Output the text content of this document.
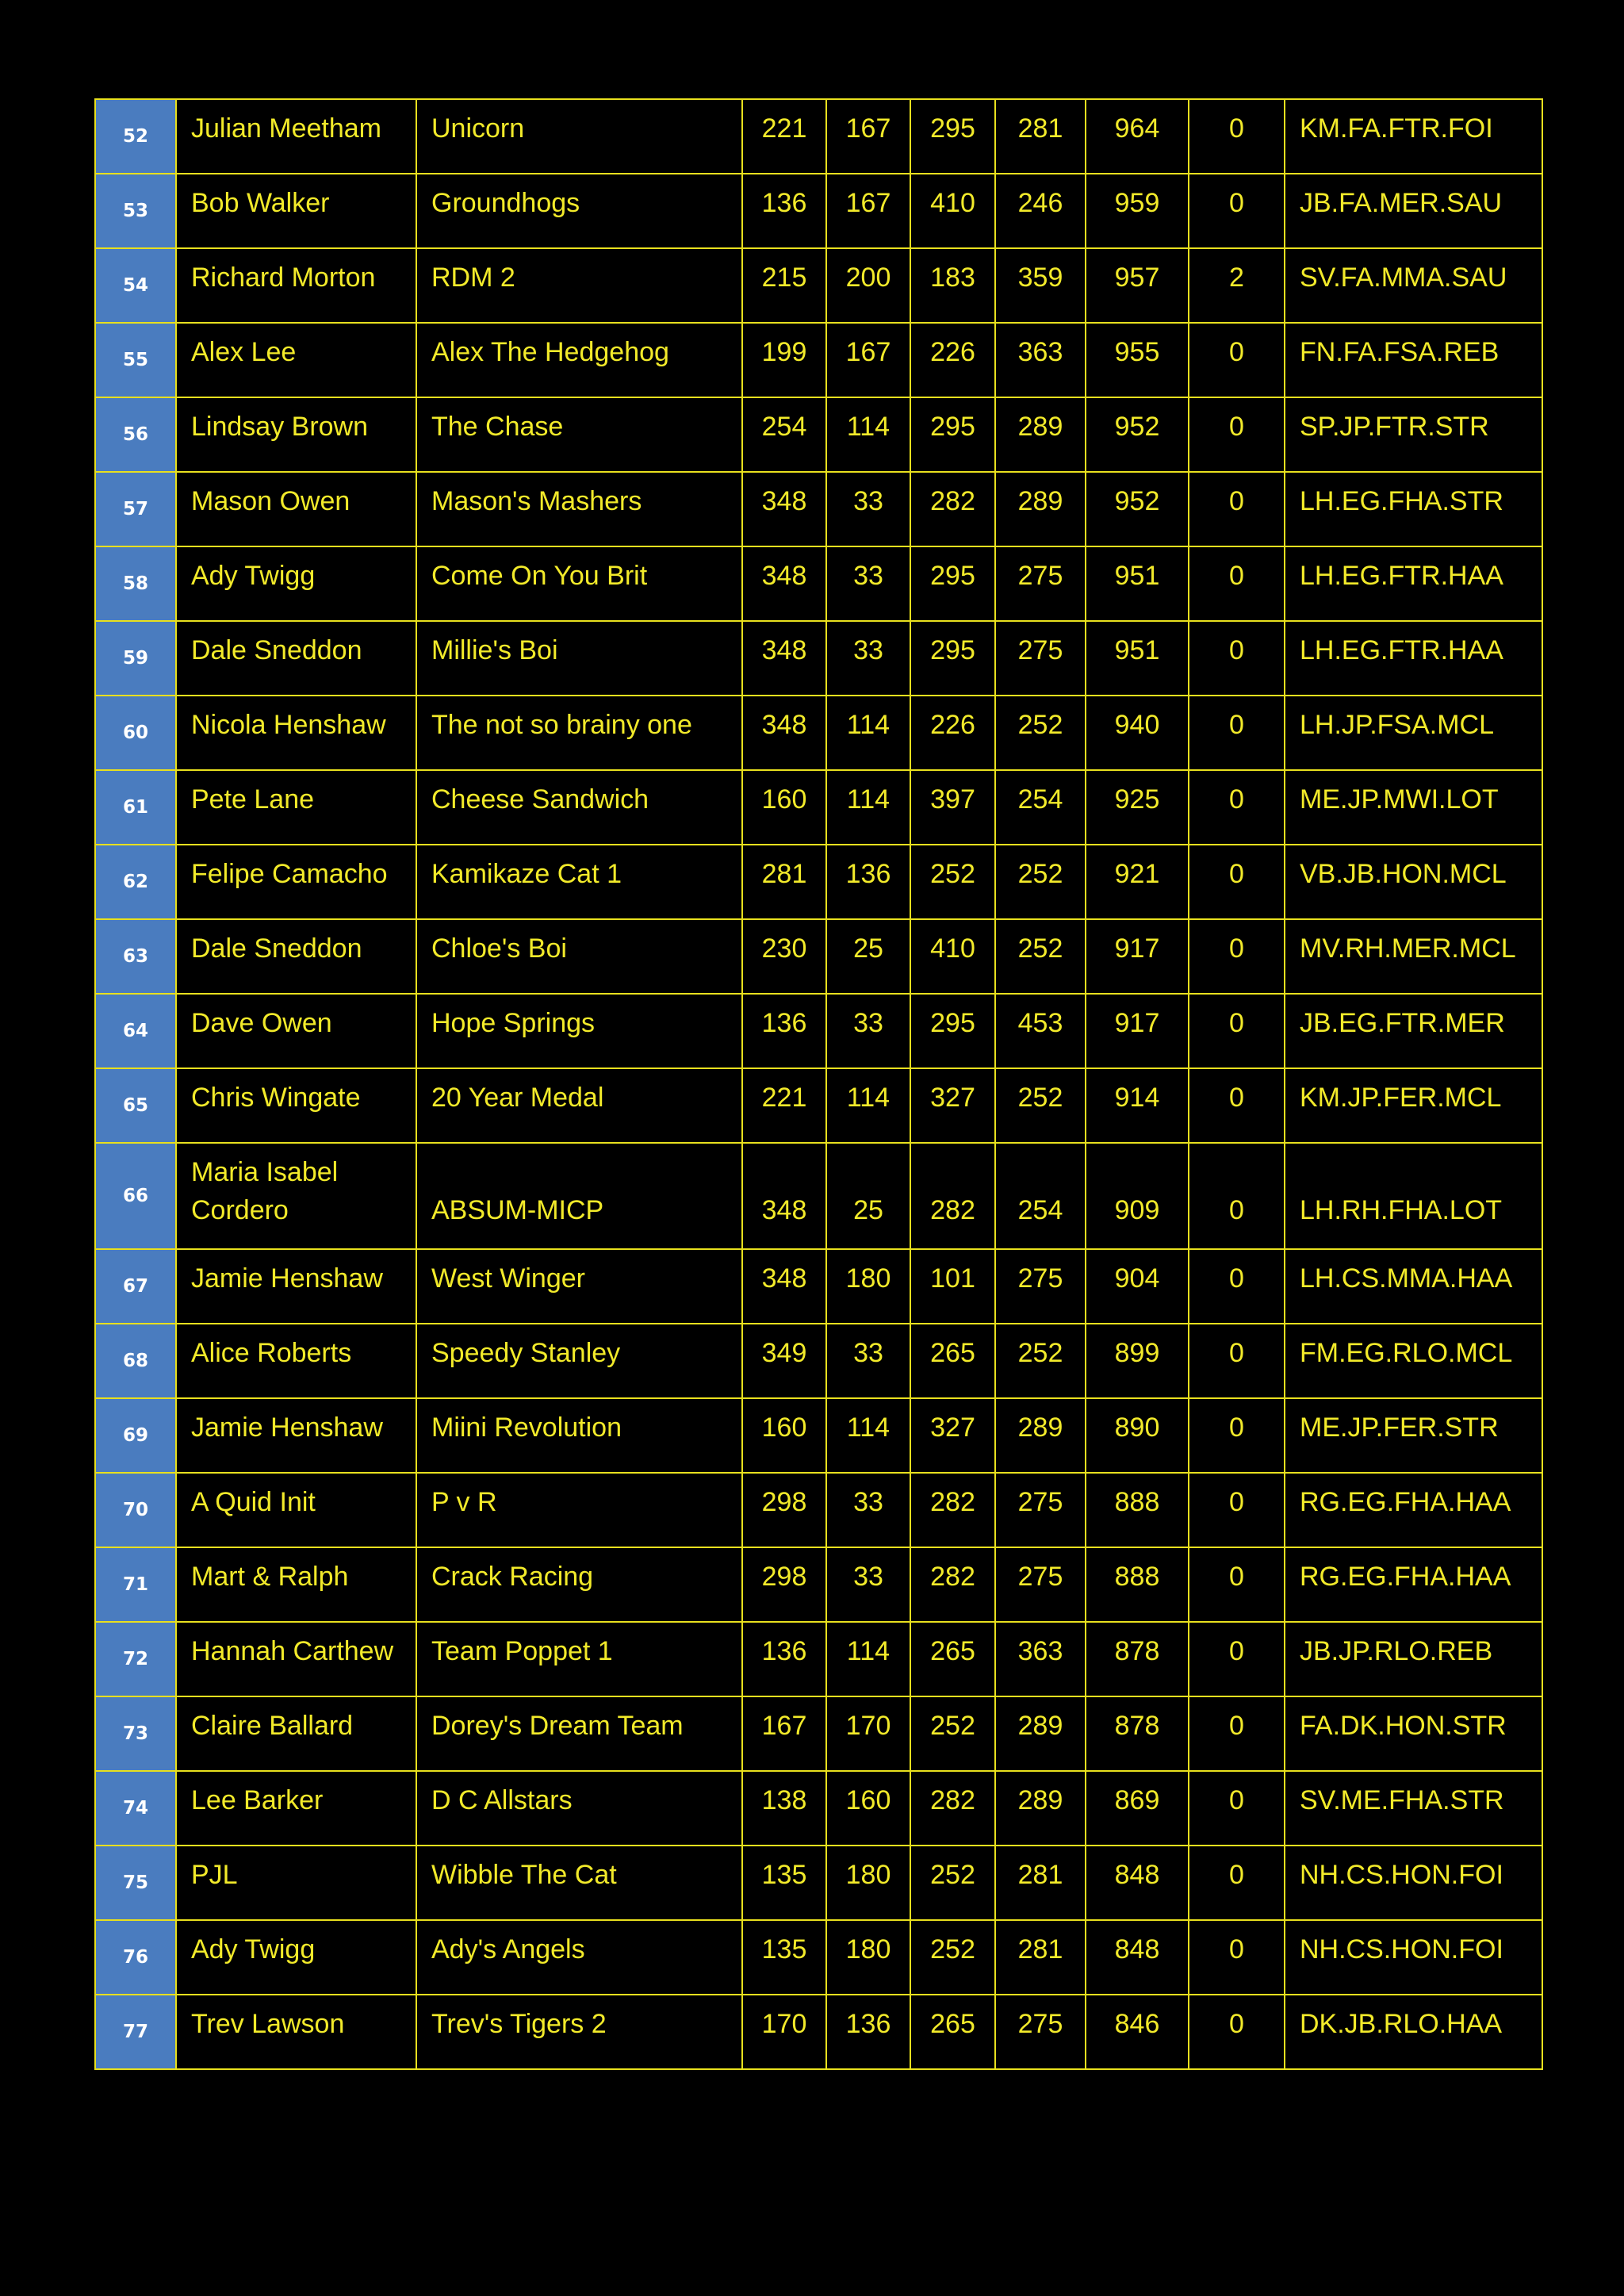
52	Julian Meetham	Unicorn	221	167	295	281	964	0	KM.FA.FTR.FOI
53	Bob Walker	Groundhogs	136	167	410	246	959	0	JB.FA.MER.SAU
54	Richard Morton	RDM 2	215	200	183	359	957	2	SV.FA.MMA.SAU
55	Alex Lee	Alex The Hedgehog	199	167	226	363	955	0	FN.FA.FSA.REB
56	Lindsay Brown	The Chase	254	114	295	289	952	0	SP.JP.FTR.STR
57	Mason Owen	Mason's Mashers	348	33	282	289	952	0	LH.EG.FHA.STR
58	Ady Twigg	Come On You Brit	348	33	295	275	951	0	LH.EG.FTR.HAA
59	Dale Sneddon	Millie's Boi	348	33	295	275	951	0	LH.EG.FTR.HAA
60	Nicola Henshaw	The not so brainy one	348	114	226	252	940	0	LH.JP.FSA.MCL
61	Pete Lane	Cheese Sandwich	160	114	397	254	925	0	ME.JP.MWI.LOT
62	Felipe Camacho	Kamikaze Cat 1	281	136	252	252	921	0	VB.JB.HON.MCL
63	Dale Sneddon	Chloe's Boi	230	25	410	252	917	0	MV.RH.MER.MCL
64	Dave Owen	Hope Springs	136	33	295	453	917	0	JB.EG.FTR.MER
65	Chris Wingate	20 Year Medal	221	114	327	252	914	0	KM.JP.FER.MCL
66	Maria Isabel Cordero	ABSUM-MICP	348	25	282	254	909	0	LH.RH.FHA.LOT
67	Jamie Henshaw	West Winger	348	180	101	275	904	0	LH.CS.MMA.HAA
68	Alice Roberts	Speedy Stanley	349	33	265	252	899	0	FM.EG.RLO.MCL
69	Jamie Henshaw	Miini Revolution	160	114	327	289	890	0	ME.JP.FER.STR
70	A Quid Init	P v R	298	33	282	275	888	0	RG.EG.FHA.HAA
71	Mart & Ralph	Crack Racing	298	33	282	275	888	0	RG.EG.FHA.HAA
72	Hannah Carthew	Team Poppet 1	136	114	265	363	878	0	JB.JP.RLO.REB
73	Claire Ballard	Dorey's Dream Team	167	170	252	289	878	0	FA.DK.HON.STR
74	Lee Barker	D C Allstars	138	160	282	289	869	0	SV.ME.FHA.STR
75	PJL	Wibble The Cat	135	180	252	281	848	0	NH.CS.HON.FOI
76	Ady Twigg	Ady's Angels	135	180	252	281	848	0	NH.CS.HON.FOI
77	Trev Lawson	Trev's Tigers 2	170	136	265	275	846	0	DK.JB.RLO.HAA
